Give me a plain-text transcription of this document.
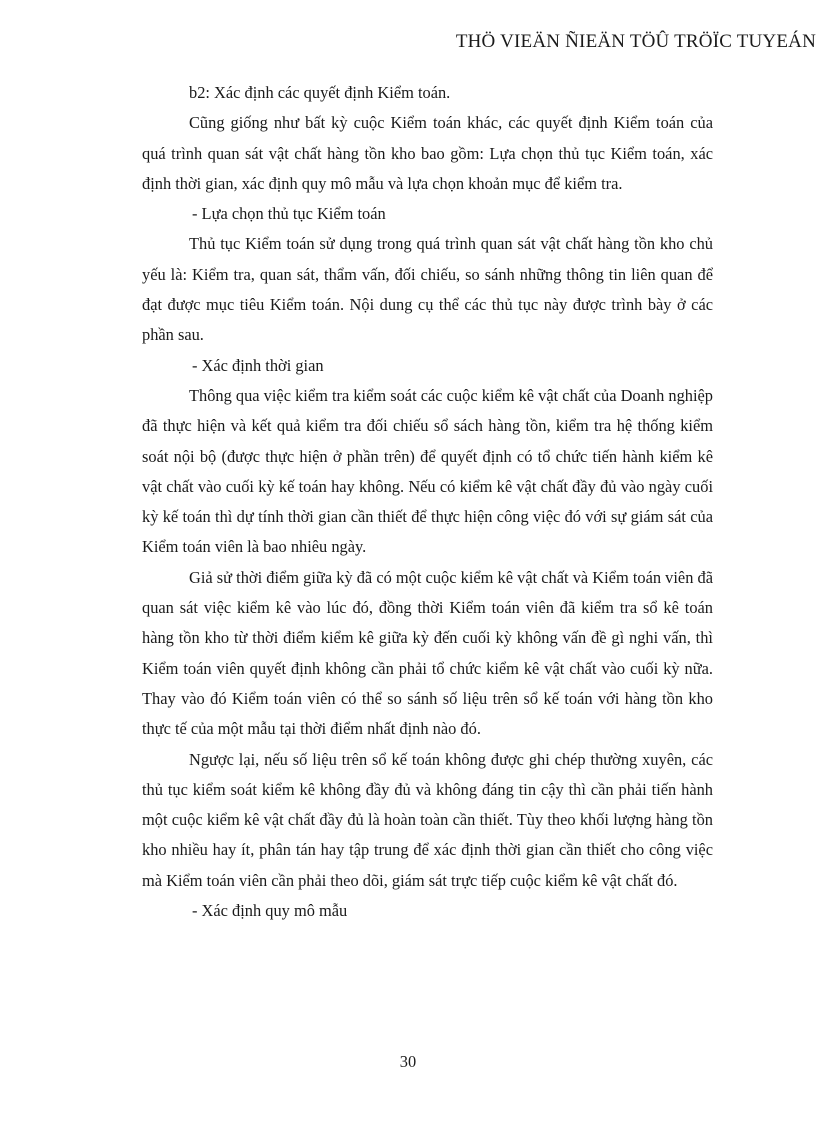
THÖ VIEÄN ÑIEÄN TÖÛ TRÖÏC TUYEÁN

b2: Xác định các quyết định Kiểm toán.

Cũng giống như bất kỳ cuộc Kiểm toán khác, các quyết định Kiểm toán của quá trình quan sát vật chất hàng tồn kho bao gồm: Lựa chọn thủ tục Kiểm toán, xác định thời gian, xác định quy mô mẫu và lựa chọn khoản mục để kiểm tra.

- Lựa chọn thủ tục Kiểm toán

Thủ tục Kiểm toán sử dụng trong quá trình quan sát vật chất hàng tồn kho chủ yếu là: Kiểm tra, quan sát, thẩm vấn, đối chiếu, so sánh những thông tin liên quan để đạt được mục tiêu Kiểm toán. Nội dung cụ thể các thủ tục này được trình bày ở các phần sau.

- Xác định thời gian

Thông qua việc kiểm tra kiểm soát các cuộc kiểm kê vật chất của Doanh nghiệp đã thực hiện và kết quả kiểm tra đối chiếu sổ sách hàng tồn, kiểm tra hệ thống kiểm soát nội bộ (được thực hiện ở phần trên) để quyết định có tổ chức tiến hành kiểm kê vật chất vào cuối kỳ kế toán hay không. Nếu có kiểm kê vật chất đầy đủ vào ngày cuối kỳ kế toán thì dự tính thời gian cần thiết để thực hiện công việc đó với sự giám sát của Kiểm toán viên là bao nhiêu ngày.

Giả sử thời điểm giữa kỳ đã có một cuộc kiểm kê vật chất và Kiểm toán viên đã quan sát việc kiểm kê vào lúc đó, đồng thời Kiểm toán viên đã kiểm tra sổ kê toán hàng tồn kho từ thời điểm kiểm kê giữa kỳ đến cuối kỳ không vấn đề gì nghi vấn, thì Kiểm toán viên quyết định không cần phải tổ chức kiểm kê vật chất vào cuối kỳ nữa. Thay vào đó Kiểm toán viên có thể so sánh số liệu trên sổ kế toán với hàng tồn kho thực tế của một mẫu tại thời điểm nhất định nào đó.

Ngược lại, nếu số liệu trên sổ kế toán không được ghi chép thường xuyên, các thủ tục kiểm soát kiểm kê không đầy đủ và không đáng tin cậy thì cần phải tiến hành một cuộc kiểm kê vật chất đầy đủ là hoàn toàn cần thiết. Tùy theo khối lượng hàng tồn kho nhiều hay ít, phân tán hay tập trung để xác định thời gian cần thiết cho công việc mà Kiểm toán viên cần phải theo dõi, giám sát trực tiếp cuộc kiểm kê vật chất đó.

- Xác định quy mô mẫu

30
